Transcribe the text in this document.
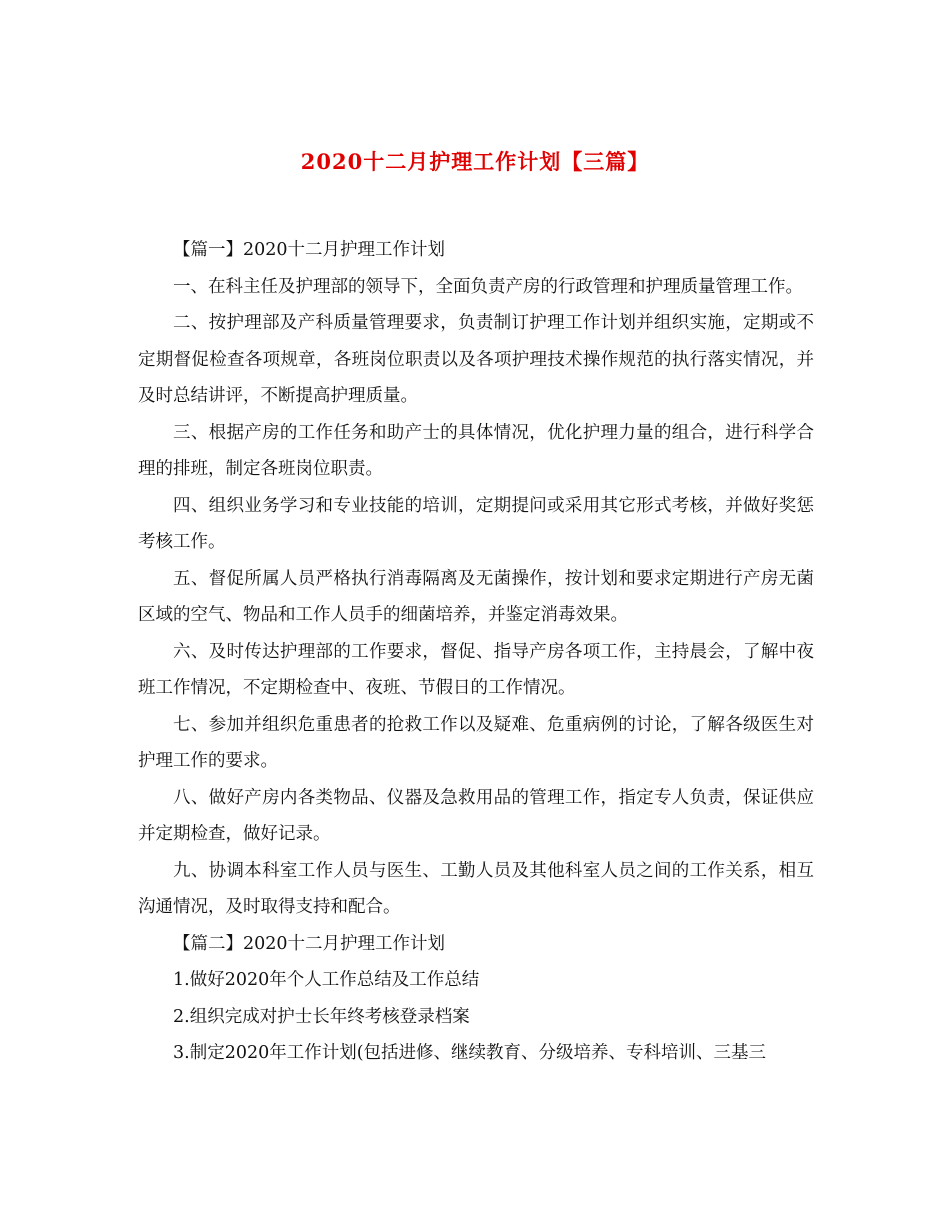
2020十二月护理工作计划【三篇】

【篇一】2020十二月护理工作计划

一、在科主任及护理部的领导下，全面负责产房的行政管理和护理质量管理工作。

二、按护理部及产科质量管理要求，负责制订护理工作计划并组织实施，定期或不定期督促检查各项规章，各班岗位职责以及各项护理技术操作规范的执行落实情况，并及时总结讲评，不断提高护理质量。

三、根据产房的工作任务和助产士的具体情况，优化护理力量的组合，进行科学合理的排班，制定各班岗位职责。

四、组织业务学习和专业技能的培训，定期提问或采用其它形式考核，并做好奖惩考核工作。

五、督促所属人员严格执行消毒隔离及无菌操作，按计划和要求定期进行产房无菌区域的空气、物品和工作人员手的细菌培养，并鉴定消毒效果。

六、及时传达护理部的工作要求，督促、指导产房各项工作，主持晨会，了解中夜班工作情况，不定期检查中、夜班、节假日的工作情况。

七、参加并组织危重患者的抢救工作以及疑难、危重病例的讨论，了解各级医生对护理工作的要求。

八、做好产房内各类物品、仪器及急救用品的管理工作，指定专人负责，保证供应并定期检查，做好记录。

九、协调本科室工作人员与医生、工勤人员及其他科室人员之间的工作关系，相互沟通情况，及时取得支持和配合。

【篇二】2020十二月护理工作计划

1.做好2020年个人工作总结及工作总结

2.组织完成对护士长年终考核登录档案

3.制定2020年工作计划(包括进修、继续教育、分级培养、专科培训、三基三
